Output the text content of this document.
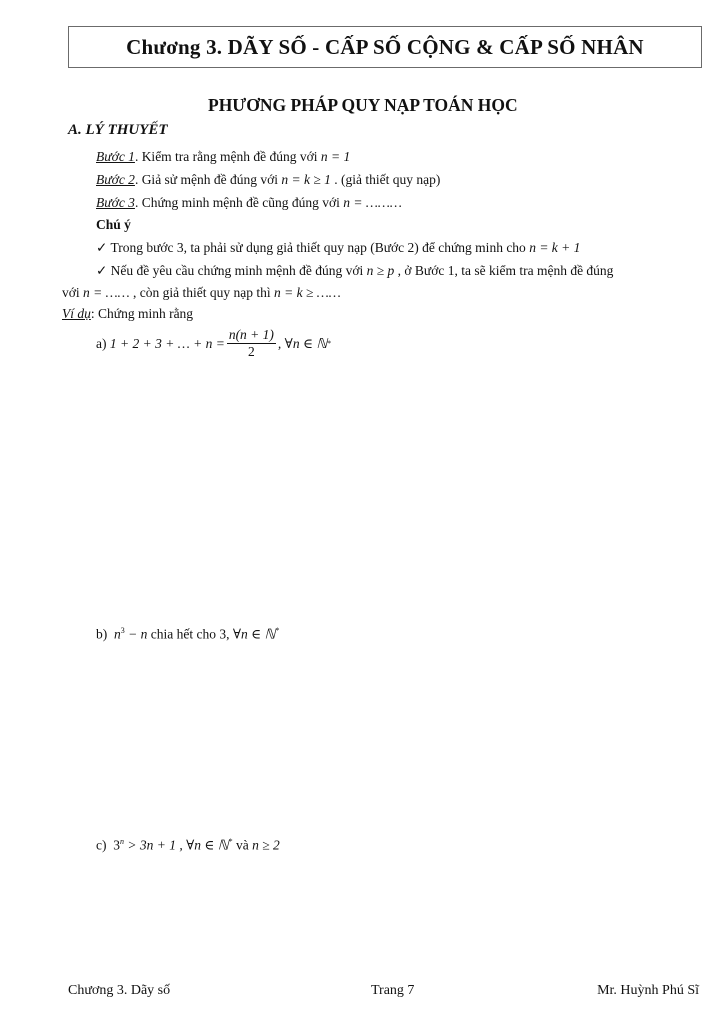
Chương 3. DÃY SỐ - CẤP SỐ CỘNG & CẤP SỐ NHÂN
PHƯƠNG PHÁP QUY NẠP TOÁN HỌC
A. LÝ THUYẾT
Bước 1. Kiểm tra rằng mệnh đề đúng với n = 1
Bước 2. Giả sử mệnh đề đúng với n = k ≥ 1 . (giả thiết quy nạp)
Bước 3. Chứng minh mệnh đề cũng đúng với n = ………
Chú ý
✓ Trong bước 3, ta phải sử dụng giả thiết quy nạp (Bước 2) để chứng minh cho n = k + 1
✓ Nếu đề yêu cầu chứng minh mệnh đề đúng với n ≥ p , ở Bước 1, ta sẽ kiểm tra mệnh đề đúng
với n = …… , còn giả thiết quy nạp thì n = k ≥ ……
Ví dụ: Chứng minh rằng
a)
1 + 2 + 3 + … + $n = \frac{n(n + 1)}{2}$ , ∀n ∈ ℕ *
b) $n^3 - n$ chia hết cho 3, ∀n ∈ ℕ*
c) $3^n > 3n + 1$ , ∀n ∈ ℕ* và n ≥ 2
Chương 3. Dãy số	Trang 7	Mr. Huỳnh Phú Sĩ
